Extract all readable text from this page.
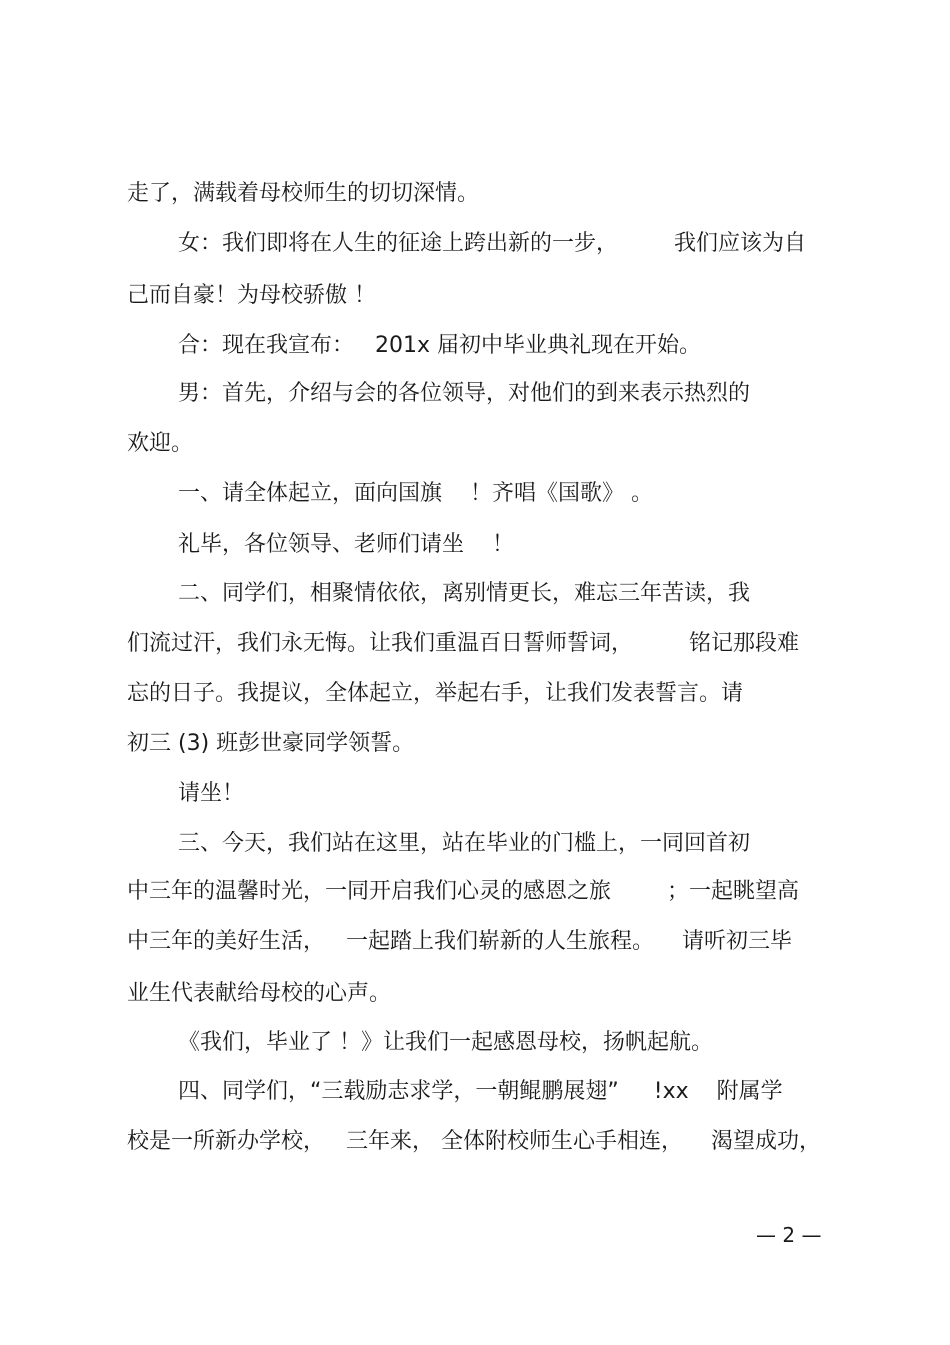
走了，满载着母校师生的切切深情。
女：我们即将在人生的征途上跨出新的一步，        我们应该为自
己而自豪！为母校骄傲 ！
合：现在我宣布：   201x 届初中毕业典礼现在开始。
男：首先，介绍与会的各位领导，对他们的到来表示热烈的
欢迎。
一、请全体起立，面向国旗    ！齐唱《国歌》 。
礼毕，各位领导、老师们请坐    ！
二、同学们，相聚情依依，离别情更长，难忘三年苦读，我
们流过汗，我们永无悔。让我们重温百日誓师誓词，        铭记那段难
忘的日子。我提议，全体起立，举起右手，让我们发表誓言。请
初三 (3) 班彭世豪同学领誓。
请坐！
三、今天，我们站在这里，站在毕业的门槛上，一同回首初
中三年的温馨时光，一同开启我们心灵的感恩之旅        ；一起眺望高
中三年的美好生活，   一起踏上我们崭新的人生旅程。    请听初三毕
业生代表献给母校的心声。
《我们，毕业了 ！》让我们一起感恩母校，扬帆起航。
四、同学们，“三载励志求学，一朝鲲鹏展翅”     !xx    附属学
校是一所新办学校，   三年来， 全体附校师生心手相连，    渴望成功，
— 2 —
